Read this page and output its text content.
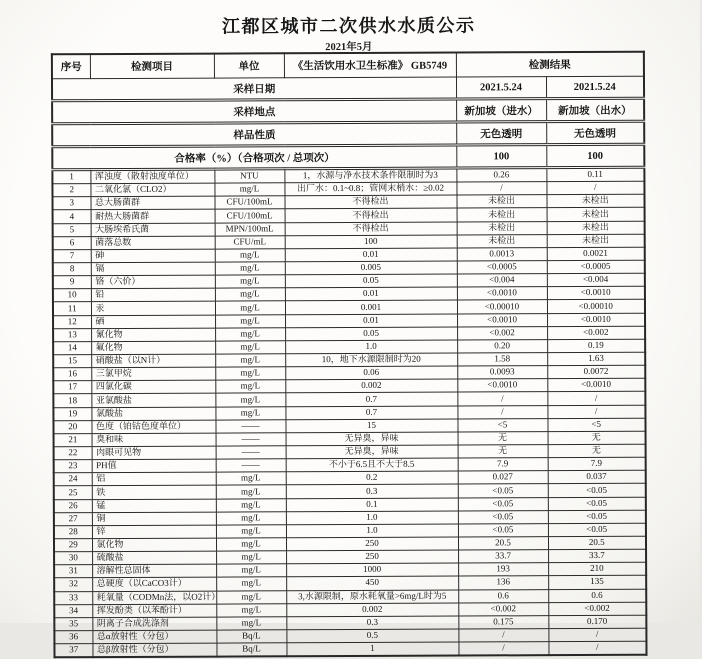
江都区城市二次供水水质公示
2021年5月
采样日期				2021.5.24	2021.5.24
采样地点				新加坡（进水）	新加坡（出水）
样品性质				无色透明	无色透明
合格率（%）（合格项次 / 总项次）				100	100
序号	检测项目	单位	《生活饮用水卫生标准》 GB5749	检测结果	
1	浑浊度（散射浊度单位）	NTU	1，水源与净水技术条件限制时为3	0.26	0.11
2	二氧化氯（CLO2）	mg/L	出厂水：0.1~0.8；管网末梢水：≥0.02	/	/
3	总大肠菌群	CFU/100mL	不得检出	未检出	未检出
4	耐热大肠菌群	CFU/100mL	不得检出	未检出	未检出
5	大肠埃希氏菌	MPN/100mL	不得检出	未检出	未检出
6	菌落总数	CFU/mL	100	未检出	未检出
7	砷	mg/L	0.01	0.0013	0.0021
8	镉	mg/L	0.005	<0.0005	<0.0005
9	铬（六价）	mg/L	0.05	<0.004	<0.004
10	铅	mg/L	0.01	<0.0010	<0.0010
11	汞	mg/L	0.001	<0.00010	<0.00010
12	硒	mg/L	0.01	<0.0010	<0.0010
13	氰化物	mg/L	0.05	<0.002	<0.002
14	氟化物	mg/L	1.0	0.20	0.19
15	硝酸盐（以N计）	mg/L	10，地下水源限制时为20	1.58	1.63
16	三氯甲烷	mg/L	0.06	0.0093	0.0072
17	四氯化碳	mg/L	0.002	<0.0010	<0.0010
18	亚氯酸盐	mg/L	0.7	/	/
19	氯酸盐	mg/L	0.7	/	/
20	色度（铂钴色度单位）	——	15	<5	<5
21	臭和味	——	无异臭，异味	无	无
22	肉眼可见物	——	无异臭，异味	无	无
23	PH值	——	不小于6.5且不大于8.5	7.9	7.9
24	铝	mg/L	0.2	0.027	0.037
25	铁	mg/L	0.3	<0.05	<0.05
26	锰	mg/L	0.1	<0.05	<0.05
27	铜	mg/L	1.0	<0.05	<0.05
28	锌	mg/L	1.0	<0.05	<0.05
29	氯化物	mg/L	250	20.5	20.5
30	硫酸盐	mg/L	250	33.7	33.7
31	溶解性总固体	mg/L	1000	193	210
32	总硬度（以CaCO3计）	mg/L	450	136	135
33	耗氧量（CODMn法，以O2计）	mg/L	3,水源限制，原水耗氧量>6mg/L时为5	0.6	0.6
34	挥发酚类（以苯酚计）	mg/L	0.002	<0.002	<0.002
35	阴离子合成洗涤剂	mg/L	0.3	0.175	0.170
36	总α放射性（分包）	Bq/L	0.5	/	/
37	总β放射性（分包）	Bq/L	1	/	/
